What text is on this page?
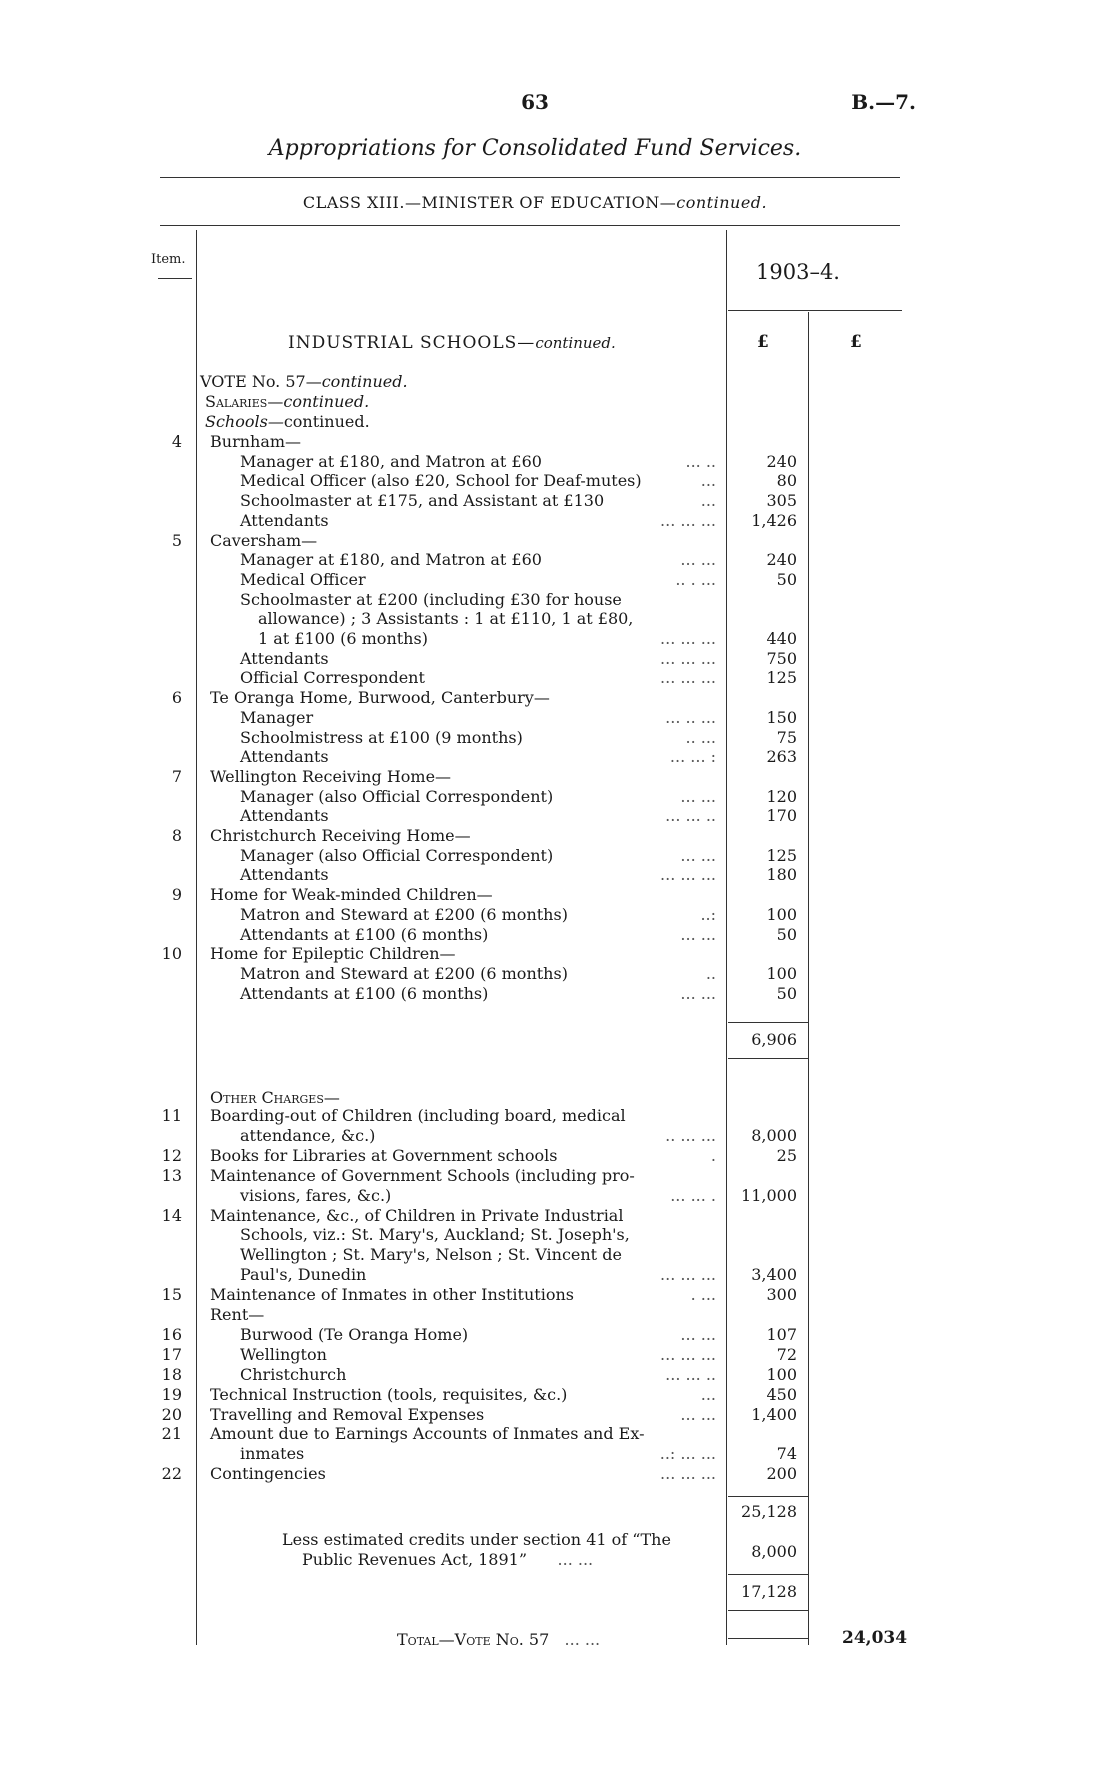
63	B.—7.
Appropriations for Consolidated Fund Services.
CLASS XIII.—MINISTER OF EDUCATION—continued.
Item.
1903–4.
INDUSTRIAL SCHOOLS—continued.	£	£
VOTE No. 57—continued.
Salaries—continued.
Schools—continued.
4 Burnham—
Manager at £180, and Matron at £60	... ..	240
Medical Officer (also £20, School for Deaf-mutes)	...	80
Schoolmaster at £175, and Assistant at £130	...	305
Attendants	... ... ...	1,426
5 Caversham—
Manager at £180, and Matron at £60	... ...	240
Medical Officer	.. . ...	50
Schoolmaster at £200 (including £30 for house
allowance) ; 3 Assistants : 1 at £110, 1 at £80,
1 at £100 (6 months)	... ... ...	440
Attendants	... ... ...	750
Official Correspondent	... ... ...	125
6 Te Oranga Home, Burwood, Canterbury—
Manager	... .. ...	150
Schoolmistress at £100 (9 months)	.. ...	75
Attendants	... ... :	263
7 Wellington Receiving Home—
Manager (also Official Correspondent)	... ...	120
Attendants	... ... ..	170
8 Christchurch Receiving Home—
Manager (also Official Correspondent)	... ...	125
Attendants	... ... ...	180
9 Home for Weak-minded Children—
Matron and Steward at £200 (6 months)	..:	100
Attendants at £100 (6 months)	... ...	50
10 Home for Epileptic Children—
Matron and Steward at £200 (6 months)	..	100
Attendants at £100 (6 months)	... ...	50
6,906
Other Charges—
11 Boarding-out of Children (including board, medical
attendance, &c.)	.. ... ...	8,000
12 Books for Libraries at Government schools	.	25
13 Maintenance of Government Schools (including pro-
visions, fares, &c.)	... ... .	11,000
14 Maintenance, &c., of Children in Private Industrial
Schools, viz.: St. Mary's, Auckland; St. Joseph's,
Wellington ; St. Mary's, Nelson ; St. Vincent de
Paul's, Dunedin	... ... ...	3,400
15 Maintenance of Inmates in other Institutions	. ...	300
Rent—
16	Burwood (Te Oranga Home)	... ...	107
17	Wellington	... ... ...	72
18	Christchurch	... ... ..	100
19 Technical Instruction (tools, requisites, &c.)	...	450
20 Travelling and Removal Expenses	... ...	1,400
21 Amount due to Earnings Accounts of Inmates and Ex-
inmates	..: ... ...	74
22 Contingencies	... ... ...	200
25,128
Less estimated credits under section 41 of “The
Public Revenues Act, 1891” ... ...	8,000
17,128
Total—Vote No. 57 ... ...	24,034
